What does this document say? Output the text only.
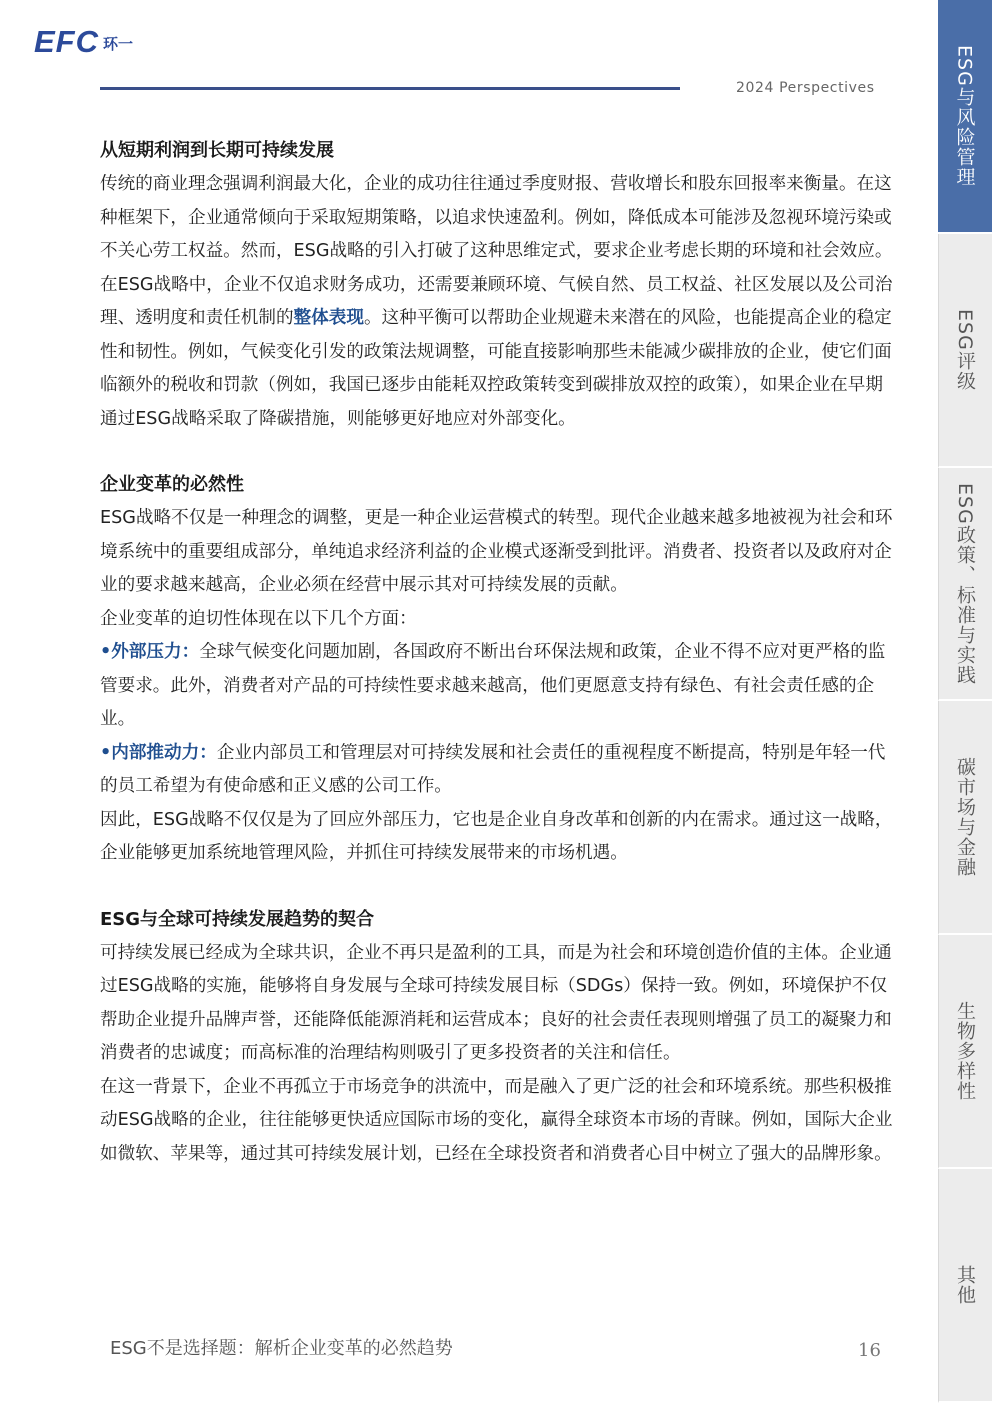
EFC 环一
2024 Perspectives
从短期利润到长期可持续发展

传统的商业理念强调利润最大化，企业的成功往往通过季度财报、营收增长和股东回报率来衡量。在这种框架下，企业通常倾向于采取短期策略，以追求快速盈利。例如，降低成本可能涉及忽视环境污染或不关心劳工权益。然而，ESG战略的引入打破了这种思维定式，要求企业考虑长期的环境和社会效应。

在ESG战略中，企业不仅追求财务成功，还需要兼顾环境、气候自然、员工权益、社区发展以及公司治理、透明度和责任机制的整体表现。这种平衡可以帮助企业规避未来潜在的风险，也能提高企业的稳定性和韧性。例如，气候变化引发的政策法规调整，可能直接影响那些未能减少碳排放的企业，使它们面临额外的税收和罚款（例如，我国已逐步由能耗双控政策转变到碳排放双控的政策），如果企业在早期通过ESG战略采取了降碳措施，则能够更好地应对外部变化。

企业变革的必然性

ESG战略不仅是一种理念的调整，更是一种企业运营模式的转型。现代企业越来越多地被视为社会和环境系统中的重要组成部分，单纯追求经济利益的企业模式逐渐受到批评。消费者、投资者以及政府对企业的要求越来越高，企业必须在经营中展示其对可持续发展的贡献。

企业变革的迫切性体现在以下几个方面：

•外部压力：全球气候变化问题加剧，各国政府不断出台环保法规和政策，企业不得不应对更严格的监管要求。此外，消费者对产品的可持续性要求越来越高，他们更愿意支持有绿色、有社会责任感的企业。

•内部推动力：企业内部员工和管理层对可持续发展和社会责任的重视程度不断提高，特别是年轻一代的员工希望为有使命感和正义感的公司工作。

因此，ESG战略不仅仅是为了回应外部压力，它也是企业自身改革和创新的内在需求。通过这一战略，企业能够更加系统地管理风险，并抓住可持续发展带来的市场机遇。

ESG与全球可持续发展趋势的契合

可持续发展已经成为全球共识，企业不再只是盈利的工具，而是为社会和环境创造价值的主体。企业通过ESG战略的实施，能够将自身发展与全球可持续发展目标（SDGs）保持一致。例如，环境保护不仅帮助企业提升品牌声誉，还能降低能源消耗和运营成本；良好的社会责任表现则增强了员工的凝聚力和消费者的忠诚度；而高标准的治理结构则吸引了更多投资者的关注和信任。

在这一背景下，企业不再孤立于市场竞争的洪流中，而是融入了更广泛的社会和环境系统。那些积极推动ESG战略的企业，往往能够更快适应国际市场的变化，赢得全球资本市场的青睐。例如，国际大企业如微软、苹果等，通过其可持续发展计划，已经在全球投资者和消费者心目中树立了强大的品牌形象。

ESG不是选择题：解析企业变革的必然趋势	16
ESG与风险管理
ESG评级
ESG政策、标准与实践
碳市场与金融
生物多样性
其他
